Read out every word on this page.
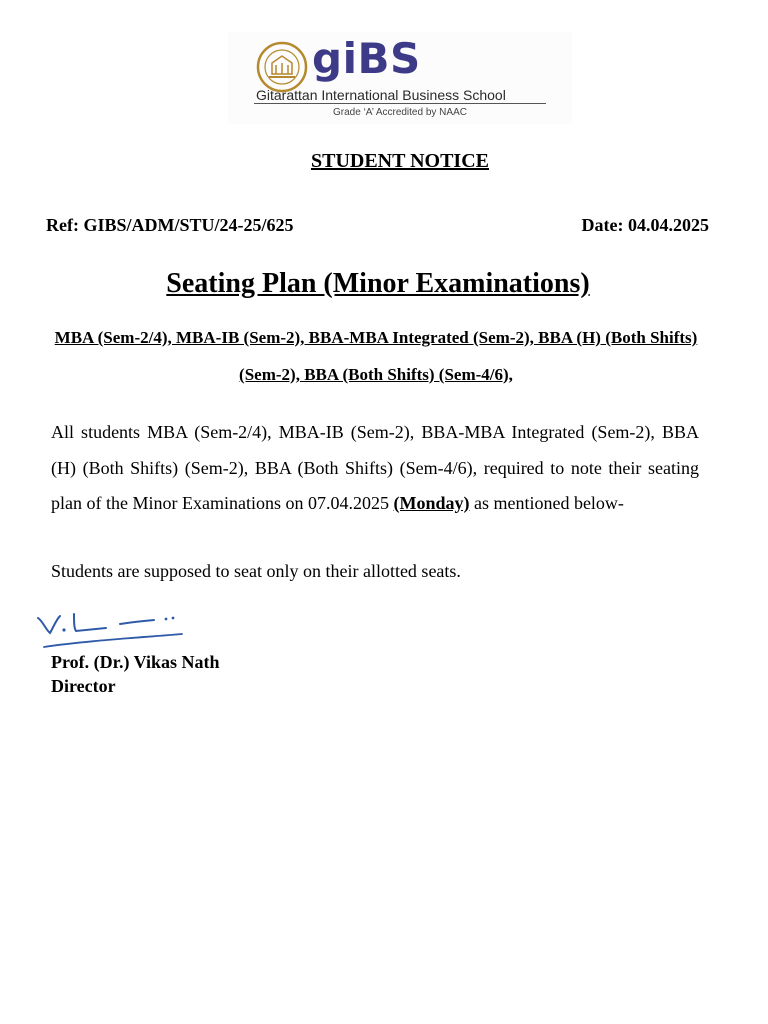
giBS
Gitarattan International Business School
Grade ‘A’ Accredited by NAAC
STUDENT NOTICE
Ref: GIBS/ADM/STU/24-25/625	Date: 04.04.2025
Seating Plan (Minor Examinations)
MBA (Sem-2/4), MBA-IB (Sem-2), BBA-MBA Integrated (Sem-2), BBA (H) (Both Shifts) (Sem-2), BBA (Both Shifts) (Sem-4/6),

All students MBA (Sem-2/4), MBA-IB (Sem-2), BBA-MBA Integrated (Sem-2), BBA (H) (Both Shifts) (Sem-2), BBA (Both Shifts) (Sem-4/6), required to note their seating plan of the Minor Examinations on 07.04.2025 (Monday) as mentioned below-

Students are supposed to seat only on their allotted seats.
Prof. (Dr.) Vikas Nath
Director
